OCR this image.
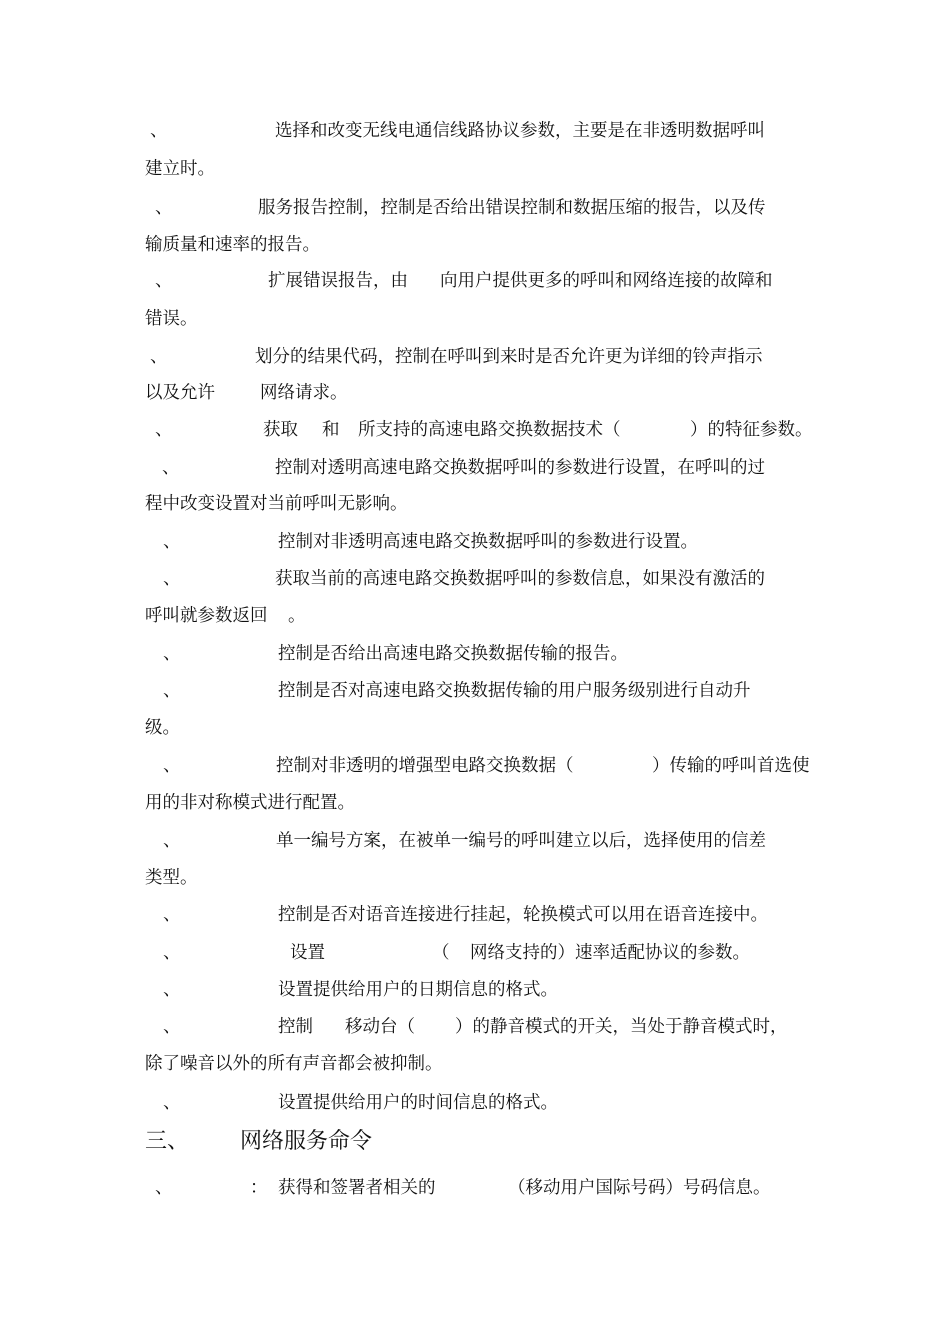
、	选择和改变无线电通信线路协议参数，主要是在非透明数据呼叫
建立时。
、	服务报告控制，控制是否给出错误控制和数据压缩的报告，以及传
输质量和速率的报告。
、	扩展错误报告，由 向用户提供更多的呼叫和网络连接的故障和
错误。
、	划分的结果代码，控制在呼叫到来时是否允许更为详细的铃声指示
以及允许	网络请求。
、	获取 和 所支持的高速电路交换数据技术（	）的特征参数。
、	控制对透明高速电路交换数据呼叫的参数进行设置，在呼叫的过
程中改变设置对当前呼叫无影响。
、	控制对非透明高速电路交换数据呼叫的参数进行设置。
、	获取当前的高速电路交换数据呼叫的参数信息，如果没有激活的
呼叫就参数返回 。
、	控制是否给出高速电路交换数据传输的报告。
、	控制是否对高速电路交换数据传输的用户服务级别进行自动升
级。
、	控制对非透明的增强型电路交换数据（	）传输的呼叫首选使
用的非对称模式进行配置。
、	单一编号方案，在被单一编号的呼叫建立以后，选择使用的信差
类型。
、	控制是否对语音连接进行挂起，轮换模式可以用在语音连接中。
、	设置	（ 网络支持的）速率适配协议的参数。
、	设置提供给用户的日期信息的格式。
、	控制 移动台（ ）的静音模式的开关，当处于静音模式时，
除了噪音以外的所有声音都会被抑制。
、	设置提供给用户的时间信息的格式。
三、 网络服务命令
、	： 获得和签署者相关的	（移动用户国际号码）号码信息。
